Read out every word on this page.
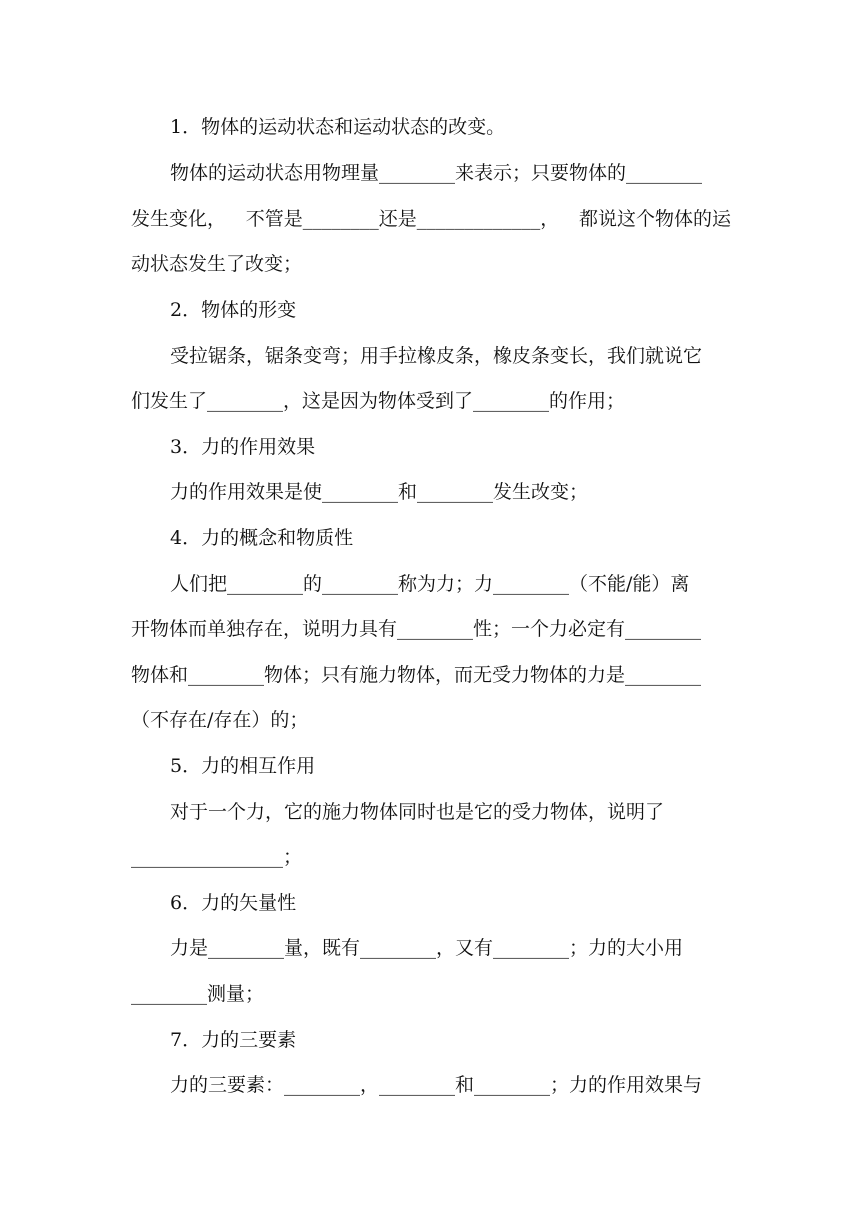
1．物体的运动状态和运动状态的改变。
物体的运动状态用物理量________来表示；只要物体的________
发生变化， 不管是________还是_____________， 都说这个物体的运
动状态发生了改变；
2．物体的形变
受拉锯条，锯条变弯；用手拉橡皮条，橡皮条变长，我们就说它
们发生了________，这是因为物体受到了________的作用；
3．力的作用效果
力的作用效果是使________和________发生改变；
4．力的概念和物质性
人们把________的________称为力；力________（不能/能）离
开物体而单独存在，说明力具有________性；一个力必定有________
物体和________物体；只有施力物体，而无受力物体的力是________
（不存在/存在）的；
5．力的相互作用
对于一个力，它的施力物体同时也是它的受力物体，说明了
________________；
6．力的矢量性
力是________量，既有________，又有________；力的大小用
________测量；
7．力的三要素
力的三要素：________，________和________；力的作用效果与
